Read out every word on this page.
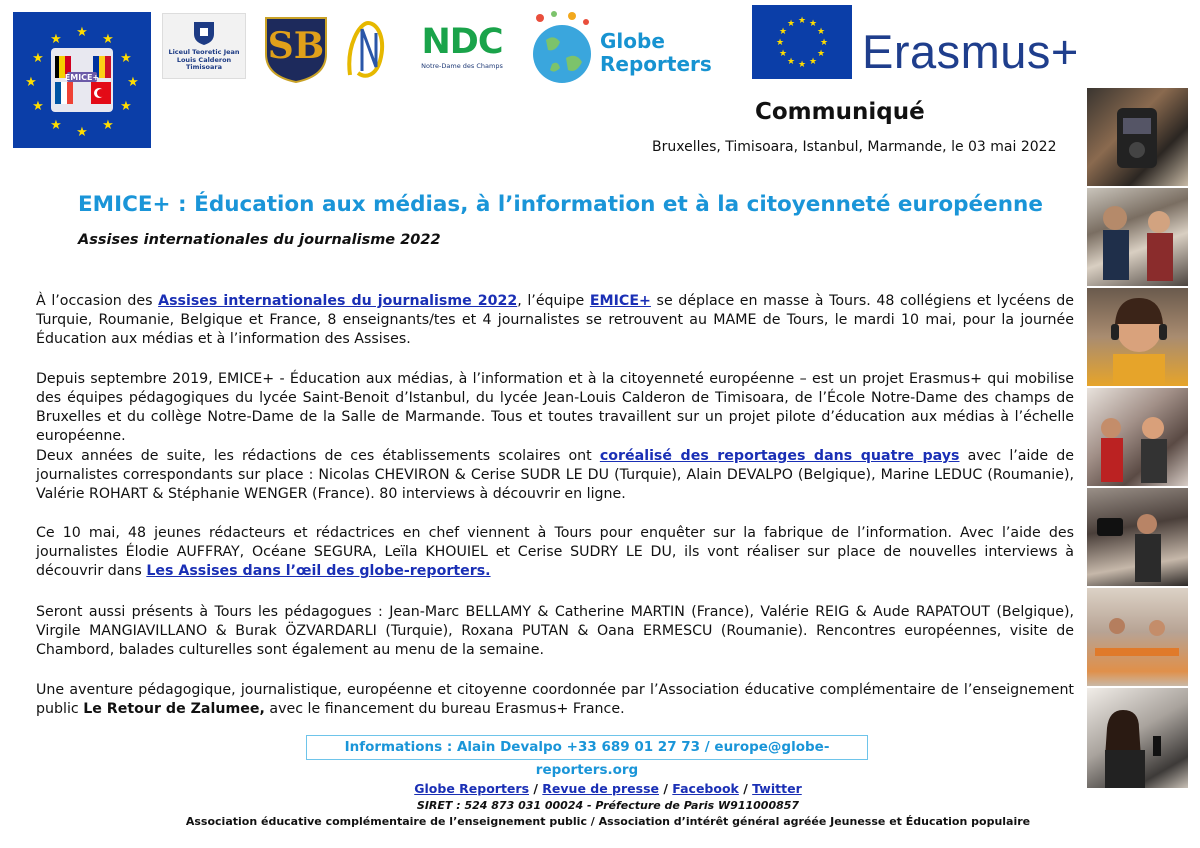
★ ★
★
★
★
★
★
★
★
★
★
★
EMICE+
Liceul Teoretic Jean Louis Calderon Timisoara
SB	NDC
Notre-Dame des Champs
Globe
Reporters
★ ★
★
★
★
★
★
★
★
★
★
★
Erasmus+
Communiqué
Bruxelles, Timisoara, Istanbul, Marmande, le 03 mai 2022
EMICE+ : Éducation aux médias, à l’information et à la citoyenneté européenne
Assises internationales du journalisme 2022
À l’occasion des Assises internationales du journalisme 2022, l’équipe EMICE+ se déplace en masse à Tours. 48 collégiens et lycéens de Turquie, Roumanie, Belgique et France, 8 enseignants/tes et 4 journalistes se retrouvent au MAME de Tours, le mardi 10 mai, pour la journée Éducation aux médias et à l’information des Assises.
Depuis septembre 2019, EMICE+ - Éducation aux médias, à l’information et à la citoyenneté européenne – est un projet Erasmus+ qui mobilise des équipes pédagogiques du lycée Saint-Benoit d’Istanbul, du lycée Jean-Louis Calderon de Timisoara, de l’École Notre-Dame des champs de Bruxelles et du collège Notre-Dame de la Salle de Marmande. Tous et toutes travaillent sur un projet pilote d’éducation aux médias à l’échelle européenne.
Deux années de suite, les rédactions de ces établissements scolaires ont coréalisé des reportages dans quatre pays avec l’aide de journalistes correspondants sur place : Nicolas CHEVIRON & Cerise SUDR LE DU (Turquie), Alain DEVALPO (Belgique), Marine LEDUC (Roumanie), Valérie ROHART & Stéphanie WENGER (France). 80 interviews à découvrir en ligne.
Ce 10 mai, 48 jeunes rédacteurs et rédactrices en chef viennent à Tours pour enquêter sur la fabrique de l’information. Avec l’aide des journalistes Élodie AUFFRAY, Océane SEGURA, Leïla KHOUIEL et Cerise SUDRY LE DU, ils vont réaliser sur place de nouvelles interviews à découvrir dans Les Assises dans l’œil des globe-reporters.
Seront aussi présents à Tours les pédagogues : Jean-Marc BELLAMY & Catherine MARTIN (France), Valérie REIG & Aude RAPATOUT (Belgique), Virgile MANGIAVILLANO & Burak ÖZVARDARLI (Turquie), Roxana PUTAN & Oana ERMESCU (Roumanie). Rencontres européennes, visite de Chambord, balades culturelles sont également au menu de la semaine.
Une aventure pédagogique, journalistique, européenne et citoyenne coordonnée par l’Association éducative complémentaire de l’enseignement public Le Retour de Zalumee, avec le financement du bureau Erasmus+ France.
Informations : Alain Devalpo +33 689 01 27 73 / europe@globe-reporters.org
Globe Reporters / Revue de presse / Facebook / Twitter
SIRET : 524 873 031 00024 - Préfecture de Paris W911000857
Association éducative complémentaire de l’enseignement public / Association d’intérêt général agréée Jeunesse et Éducation populaire
